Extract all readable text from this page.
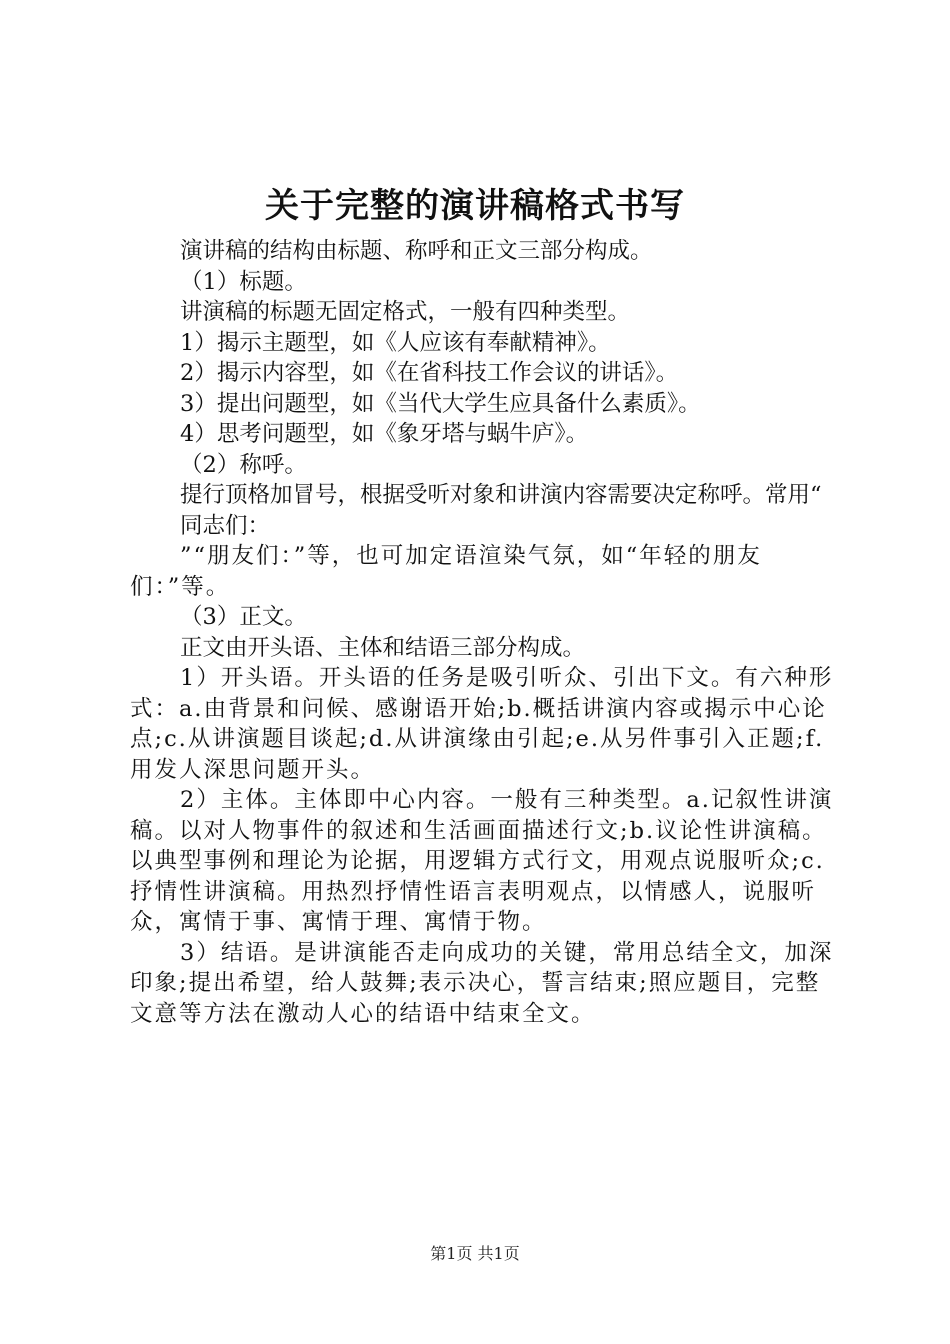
关于完整的演讲稿格式书写

演讲稿的结构由标题、称呼和正文三部分构成。

（1）标题。

讲演稿的标题无固定格式，一般有四种类型。

1）揭示主题型，如《人应该有奉献精神》。

2）揭示内容型，如《在省科技工作会议的讲话》。

3）提出问题型，如《当代大学生应具备什么素质》。

4）思考问题型，如《象牙塔与蜗牛庐》。

（2）称呼。

提行顶格加冒号，根据受听对象和讲演内容需要决定称呼。常用“

同志们：

”“朋友们：”等，也可加定语渲染气氛，如“年轻的朋友们：”等。

（3）正文。

正文由开头语、主体和结语三部分构成。

1）开头语。开头语的任务是吸引听众、引出下文。有六种形式：a.由背景和问候、感谢语开始;b.概括讲演内容或揭示中心论点;c.从讲演题目谈起;d.从讲演缘由引起;e.从另件事引入正题;f.用发人深思问题开头。

2）主体。主体即中心内容。一般有三种类型。a.记叙性讲演稿。以对人物事件的叙述和生活画面描述行文;b.议论性讲演稿。以典型事例和理论为论据，用逻辑方式行文，用观点说服听众;c.抒情性讲演稿。用热烈抒情性语言表明观点，以情感人，说服听众，寓情于事、寓情于理、寓情于物。

3）结语。是讲演能否走向成功的关键，常用总结全文，加深印象;提出希望，给人鼓舞;表示决心，誓言结束;照应题目，完整文意等方法在激动人心的结语中结束全文。

第1页 共1页
